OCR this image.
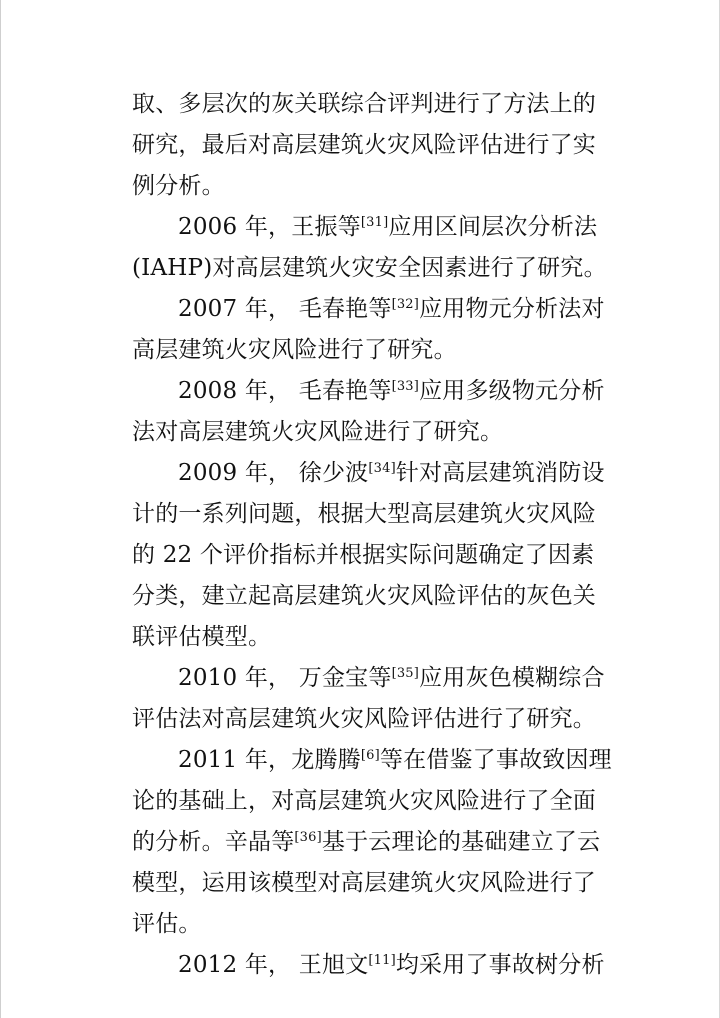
取、多层次的灰关联综合评判进行了方法上的研究，最后对高层建筑火灾风险评估进行了实例分析。

2006 年，王振等[31]应用区间层次分析法(IAHP)对高层建筑火灾安全因素进行了研究。

2007 年， 毛春艳等[32]应用物元分析法对高层建筑火灾风险进行了研究。

2008 年， 毛春艳等[33]应用多级物元分析法对高层建筑火灾风险进行了研究。

2009 年， 徐少波[34]针对高层建筑消防设计的一系列问题，根据大型高层建筑火灾风险的 22 个评价指标并根据实际问题确定了因素分类，建立起高层建筑火灾风险评估的灰色关联评估模型。

2010 年， 万金宝等[35]应用灰色模糊综合评估法对高层建筑火灾风险评估进行了研究。

2011 年，龙腾腾[6]等在借鉴了事故致因理论的基础上，对高层建筑火灾风险进行了全面的分析。辛晶等[36]基于云理论的基础建立了云模型，运用该模型对高层建筑火灾风险进行了评估。

2012 年， 王旭文[11]均采用了事故树分析
